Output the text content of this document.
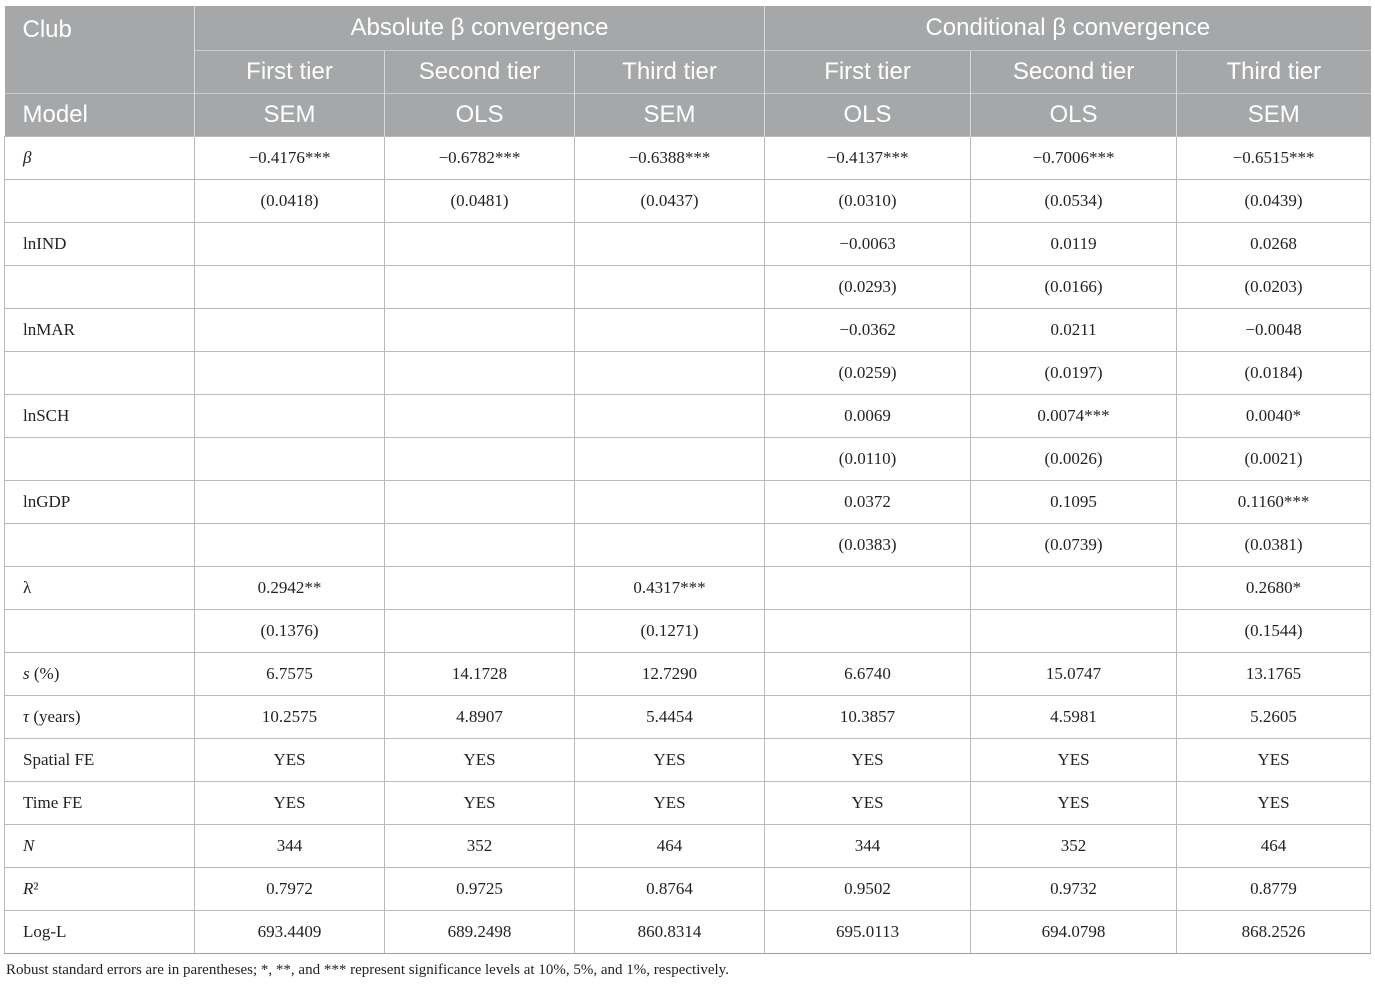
Club	Absolute β convergence			Conditional β convergence		
	First tier	Second tier	Third tier	First tier	Second tier	Third tier
Model	SEM	OLS	SEM	OLS	OLS	SEM
β	−0.4176***	−0.6782***	−0.6388***	−0.4137***	−0.7006***	−0.6515***
	(0.0418)	(0.0481)	(0.0437)	(0.0310)	(0.0534)	(0.0439)
lnIND				−0.0063	0.0119	0.0268
				(0.0293)	(0.0166)	(0.0203)
lnMAR				−0.0362	0.0211	−0.0048
				(0.0259)	(0.0197)	(0.0184)
lnSCH				0.0069	0.0074***	0.0040*
				(0.0110)	(0.0026)	(0.0021)
lnGDP				0.0372	0.1095	0.1160***
				(0.0383)	(0.0739)	(0.0381)
λ	0.2942**		0.4317***			0.2680*
	(0.1376)		(0.1271)			(0.1544)
s (%)	6.7575	14.1728	12.7290	6.6740	15.0747	13.1765
τ (years)	10.2575	4.8907	5.4454	10.3857	4.5981	5.2605
Spatial FE	YES	YES	YES	YES	YES	YES
Time FE	YES	YES	YES	YES	YES	YES
N	344	352	464	344	352	464
R²	0.7972	0.9725	0.8764	0.9502	0.9732	0.8779
Log-L	693.4409	689.2498	860.8314	695.0113	694.0798	868.2526
Robust standard errors are in parentheses; *, **, and *** represent significance levels at 10%, 5%, and 1%, respectively.
